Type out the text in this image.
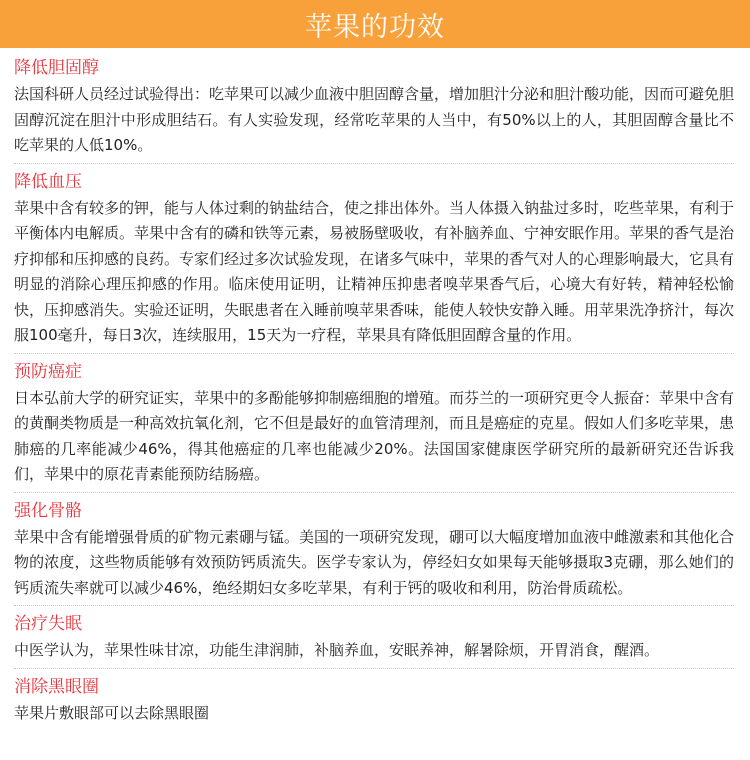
苹果的功效
降低胆固醇

法国科研人员经过试验得出：吃苹果可以减少血液中胆固醇含量，增加胆汁分泌和胆汁酸功能，因而可避免胆固醇沉淀在胆汁中形成胆结石。有人实验发现，经常吃苹果的人当中，有50%以上的人，其胆固醇含量比不吃苹果的人低10%。

降低血压

苹果中含有较多的钾，能与人体过剩的钠盐结合，使之排出体外。当人体摄入钠盐过多时，吃些苹果，有利于平衡体内电解质。苹果中含有的磷和铁等元素，易被肠壁吸收，有补脑养血、宁神安眠作用。苹果的香气是治疗抑郁和压抑感的良药。专家们经过多次试验发现，在诸多气味中，苹果的香气对人的心理影响最大，它具有明显的消除心理压抑感的作用。临床使用证明，让精神压抑患者嗅苹果香气后，心境大有好转，精神轻松愉快，压抑感消失。实验还证明，失眠患者在入睡前嗅苹果香味，能使人较快安静入睡。用苹果洗净挤汁，每次服100毫升，每日3次，连续服用，15天为一疗程，苹果具有降低胆固醇含量的作用。

预防癌症

日本弘前大学的研究证实，苹果中的多酚能够抑制癌细胞的增殖。而芬兰的一项研究更令人振奋：苹果中含有的黄酮类物质是一种高效抗氧化剂，它不但是最好的血管清理剂，而且是癌症的克星。假如人们多吃苹果，患肺癌的几率能减少46%，得其他癌症的几率也能减少20%。法国国家健康医学研究所的最新研究还告诉我们，苹果中的原花青素能预防结肠癌。

强化骨骼

苹果中含有能增强骨质的矿物元素硼与锰。美国的一项研究发现，硼可以大幅度增加血液中雌激素和其他化合物的浓度，这些物质能够有效预防钙质流失。医学专家认为，停经妇女如果每天能够摄取3克硼，那么她们的钙质流失率就可以减少46%，绝经期妇女多吃苹果，有利于钙的吸收和利用，防治骨质疏松。

治疗失眠

中医学认为，苹果性味甘凉，功能生津润肺，补脑养血，安眠养神，解暑除烦，开胃消食，醒酒。

消除黑眼圈

苹果片敷眼部可以去除黑眼圈
